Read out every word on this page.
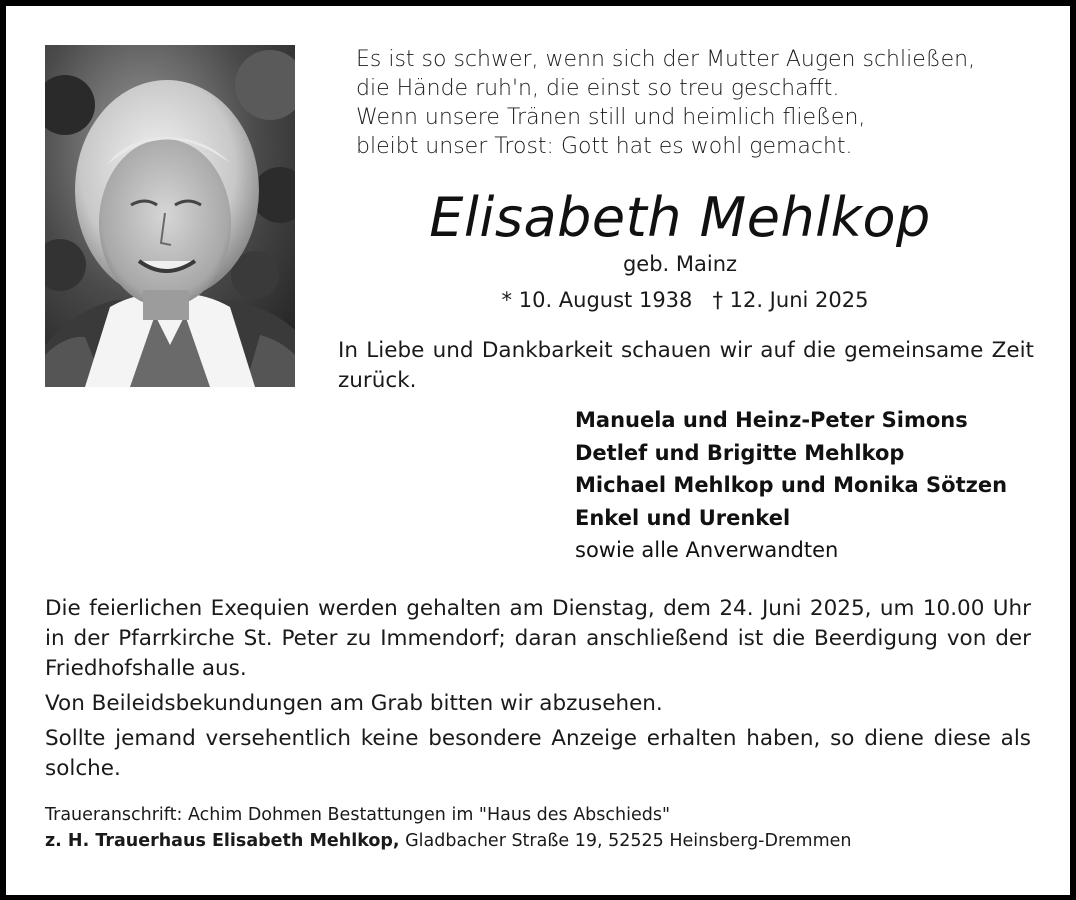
Es ist so schwer, wenn sich der Mutter Augen schließen,
die Hände ruh'n, die einst so treu geschafft.
Wenn unsere Tränen still und heimlich fließen,
bleibt unser Trost: Gott hat es wohl gemacht.
Elisabeth Mehlkop
geb. Mainz
* 10. August 1938 † 12. Juni 2025
In Liebe und Dankbarkeit schauen wir auf die gemeinsame Zeit zurück.
Manuela und Heinz-Peter Simons
Detlef und Brigitte Mehlkop
Michael Mehlkop und Monika Sötzen
Enkel und Urenkel
sowie alle Anverwandten

Die feierlichen Exequien werden gehalten am Dienstag, dem 24. Juni 2025, um 10.00 Uhr in der Pfarrkirche St. Peter zu Immendorf; daran anschließend ist die Beerdigung von der Friedhofshalle aus.

Von Beileidsbekundungen am Grab bitten wir abzusehen.

Sollte jemand versehentlich keine besondere Anzeige erhalten haben, so diene diese als solche.

Traueranschrift: Achim Dohmen Bestattungen im "Haus des Abschieds"
z. H. Trauerhaus Elisabeth Mehlkop, Gladbacher Straße 19, 52525 Heinsberg-Dremmen
